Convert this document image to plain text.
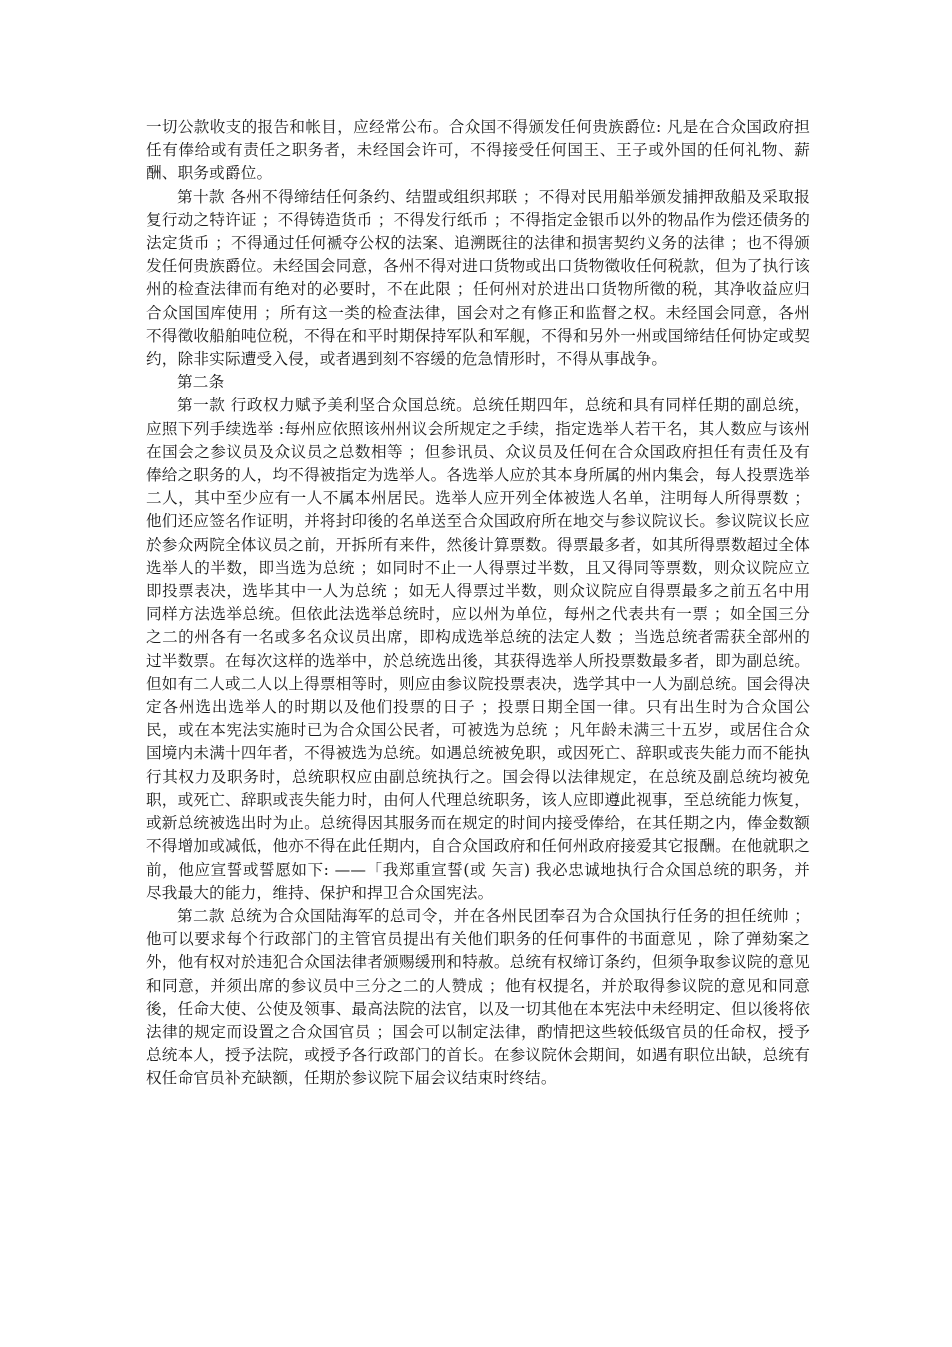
一切公款收支的报告和帐目，应经常公布。合众国不得颁发任何贵族爵位: 凡是在合众国政府担任有俸给或有责任之职务者，未经国会许可，不得接受任何国王、王子或外国的任何礼物、薪酬、职务或爵位。

第十款 各州不得缔结任何条约、结盟或组织邦联 ；不得对民用船举颁发捕押敌船及采取报复行动之特许证 ；不得铸造货币 ；不得发行纸币 ；不得指定金银币以外的物品作为偿还债务的法定货币 ；不得通过任何褫夺公权的法案、追溯既往的法律和损害契约义务的法律 ；也不得颁发任何贵族爵位。未经国会同意，各州不得对进口货物或出口货物徵收任何税款，但为了执行该州的检查法律而有绝对的必要时，不在此限 ；任何州对於进出口货物所徵的税，其净收益应归合众国国库使用 ；所有这一类的检查法律，国会对之有修正和监督之权。未经国会同意，各州不得徵收船舶吨位税，不得在和平时期保持军队和军舰，不得和另外一州或国缔结任何协定或契约，除非实际遭受入侵，或者遇到刻不容缓的危急情形时，不得从事战争。

第二条

第一款 行政权力赋予美利坚合众国总统。总统任期四年，总统和具有同样任期的副总统，应照下列手续选举 :每州应依照该州州议会所规定之手续，指定选举人若干名，其人数应与该州在国会之参议员及众议员之总数相等 ；但参讯员、众议员及任何在合众国政府担任有责任及有俸给之职务的人，均不得被指定为选举人。各选举人应於其本身所属的州内集会，每人投票选举二人，其中至少应有一人不属本州居民。选举人应开列全体被选人名单，注明每人所得票数 ；他们还应签名作证明，并将封印後的名单送至合众国政府所在地交与参议院议长。参议院议长应於参众两院全体议员之前，开拆所有来件，然後计算票数。得票最多者，如其所得票数超过全体选举人的半数，即当选为总统 ；如同时不止一人得票过半数，且又得同等票数，则众议院应立即投票表决，选毕其中一人为总统 ；如无人得票过半数，则众议院应自得票最多之前五名中用同样方法选举总统。但依此法选举总统时，应以州为单位，每州之代表共有一票 ；如全国三分之二的州各有一名或多名众议员出席，即构成选举总统的法定人数 ；当选总统者需获全部州的过半数票。在每次这样的选举中，於总统选出後，其获得选举人所投票数最多者，即为副总统。但如有二人或二人以上得票相等时，则应由参议院投票表决，选学其中一人为副总统。国会得决定各州选出选举人的时期以及他们投票的日子 ；投票日期全国一律。只有出生时为合众国公民，或在本宪法实施时已为合众国公民者，可被选为总统 ；凡年龄未满三十五岁，或居住合众国境内未满十四年者，不得被选为总统。如遇总统被免职，或因死亡、辞职或丧失能力而不能执行其权力及职务时，总统职权应由副总统执行之。国会得以法律规定，在总统及副总统均被免职，或死亡、辞职或丧失能力时，由何人代理总统职务，该人应即遵此视事，至总统能力恢复，或新总统被选出时为止。总统得因其服务而在规定的时间内接受俸给，在其任期之内，俸金数额不得增加或减低，他亦不得在此任期内，自合众国政府和任何州政府接爱其它报酬。在他就职之前，他应宣誓或誓愿如下: ——「我郑重宣誓(或 矢言) 我必忠诚地执行合众国总统的职务，并尽我最大的能力，维持、保护和捍卫合众国宪法。

第二款 总统为合众国陆海军的总司令，并在各州民团奉召为合众国执行任务的担任统帅 ；他可以要求每个行政部门的主管官员提出有关他们职务的任何事件的书面意见 ，除了弹劾案之外，他有权对於违犯合众国法律者颁赐缓刑和特赦。总统有权缔订条约，但须争取参议院的意见和同意，并须出席的参议员中三分之二的人赞成 ；他有权提名，并於取得参议院的意见和同意後，任命大使、公使及领事、最高法院的法官，以及一切其他在本宪法中未经明定、但以後将依法律的规定而设置之合众国官员 ；国会可以制定法律，酌情把这些较低级官员的任命权，授予总统本人，授予法院，或授予各行政部门的首长。在参议院休会期间，如遇有职位出缺，总统有权任命官员补充缺额，任期於参议院下届会议结束时终结。
